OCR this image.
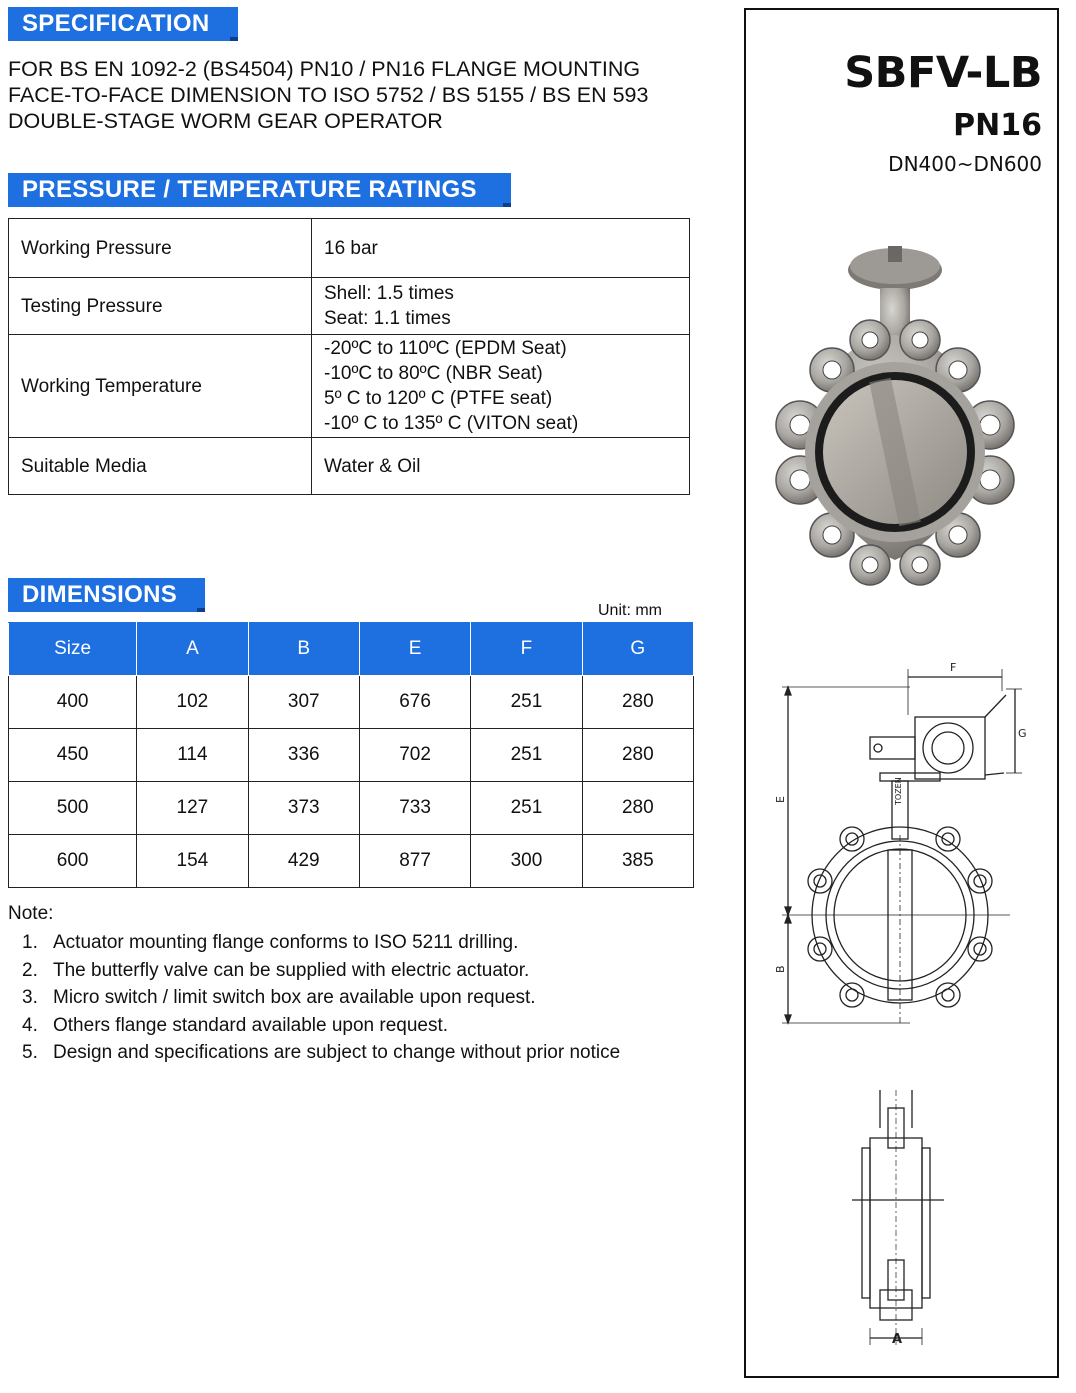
SPECIFICATION
FOR BS EN 1092-2 (BS4504) PN10 / PN16 FLANGE MOUNTING
FACE-TO-FACE DIMENSION TO ISO 5752 / BS 5155 / BS EN 593
DOUBLE-STAGE WORM GEAR OPERATOR
PRESSURE / TEMPERATURE RATINGS
Working Pressure	16 bar

Testing Pressure	Shell: 1.5 times
Seat: 1.1 times

Working Temperature	-20ºC to 110ºC (EPDM Seat)
-10ºC to 80ºC (NBR Seat)
5º C to 120º C (PTFE seat)
-10º C to 135º C (VITON seat)

Suitable Media	Water & Oil
DIMENSIONS
Unit: mm
Size	A	B	E	F	G
400	102	307	676	251	280
450	114	336	702	251	280
500	127	373	733	251	280
600	154	429	877	300	385
Note:
1. Actuator mounting flange conforms to ISO 5211 drilling.
2. The butterfly valve can be supplied with electric actuator.
3. Micro switch / limit switch box are available upon request.
4. Others flange standard available upon request.
5. Design and specifications are subject to change without prior notice
SBFV-LB
PN16
DN400~DN600
E
B
F
G
TOZEN
A
